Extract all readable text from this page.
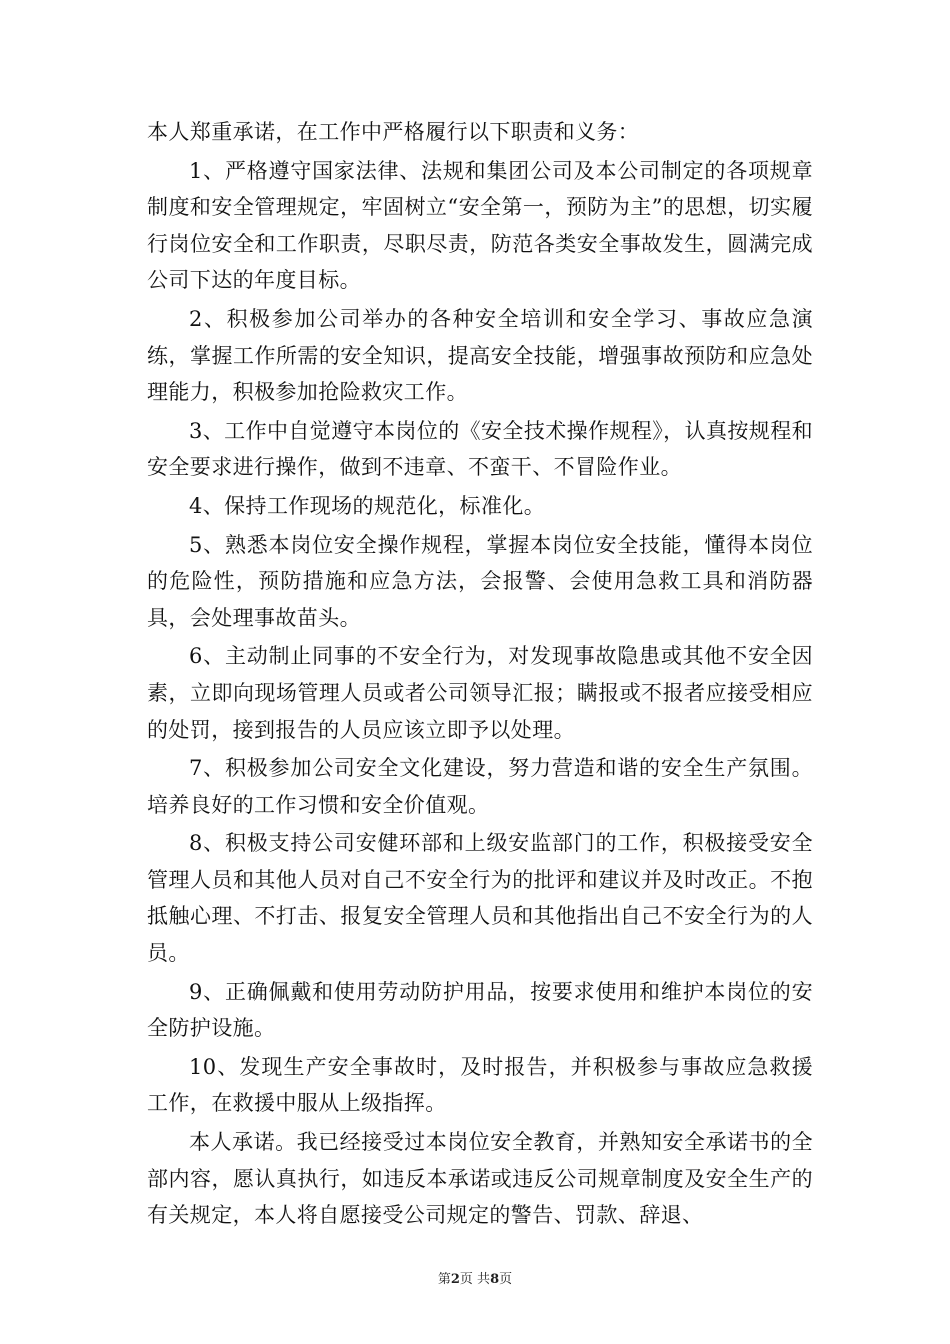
本人郑重承诺，在工作中严格履行以下职责和义务：

1、严格遵守国家法律、法规和集团公司及本公司制定的各项规章制度和安全管理规定，牢固树立“安全第一，预防为主”的思想，切实履行岗位安全和工作职责，尽职尽责，防范各类安全事故发生，圆满完成公司下达的年度目标。

2、积极参加公司举办的各种安全培训和安全学习、事故应急演练，掌握工作所需的安全知识，提高安全技能，增强事故预防和应急处理能力，积极参加抢险救灾工作。

3、工作中自觉遵守本岗位的《安全技术操作规程》，认真按规程和安全要求进行操作，做到不违章、不蛮干、不冒险作业。

4、保持工作现场的规范化，标准化。

5、熟悉本岗位安全操作规程，掌握本岗位安全技能，懂得本岗位的危险性，预防措施和应急方法，会报警、会使用急救工具和消防器具，会处理事故苗头。

6、主动制止同事的不安全行为，对发现事故隐患或其他不安全因素，立即向现场管理人员或者公司领导汇报；瞒报或不报者应接受相应的处罚，接到报告的人员应该立即予以处理。

7、积极参加公司安全文化建设，努力营造和谐的安全生产氛围。培养良好的工作习惯和安全价值观。

8、积极支持公司安健环部和上级安监部门的工作，积极接受安全管理人员和其他人员对自己不安全行为的批评和建议并及时改正。不抱抵触心理、不打击、报复安全管理人员和其他指出自己不安全行为的人员。

9、正确佩戴和使用劳动防护用品，按要求使用和维护本岗位的安全防护设施。

10、发现生产安全事故时，及时报告，并积极参与事故应急救援工作，在救援中服从上级指挥。

本人承诺。我已经接受过本岗位安全教育，并熟知安全承诺书的全部内容，愿认真执行，如违反本承诺或违反公司规章制度及安全生产的有关规定，本人将自愿接受公司规定的警告、罚款、辞退、

第2页 共8页
